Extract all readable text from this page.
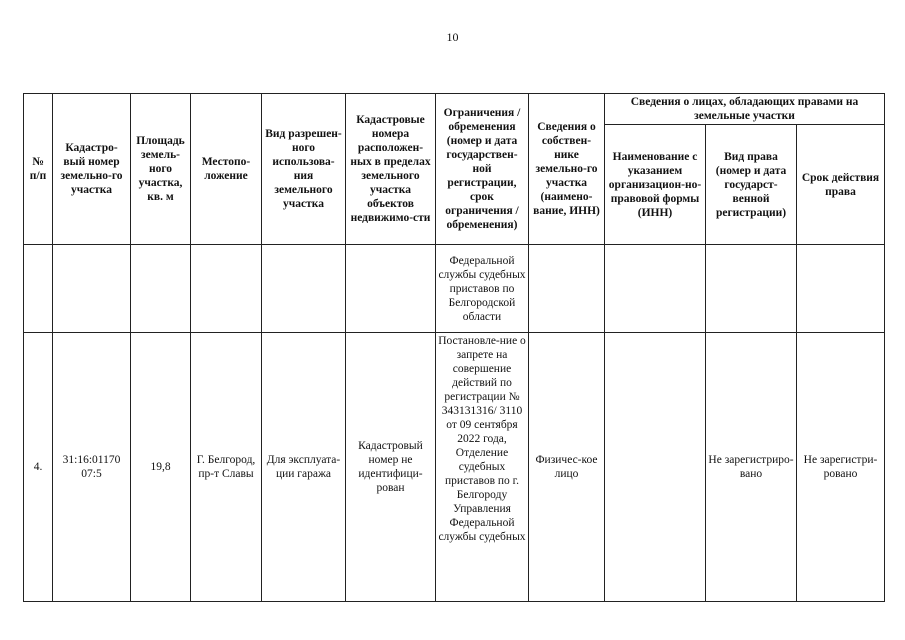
10
№ п/п	Кадастро-вый номер земельно-го участка	Площадь земель-ного участка, кв. м	Местопо-ложение	Вид разрешен-ного использова-ния земельного участка	Кадастровые номера расположен-ных в пределах земельного участка объектов недвижимо-сти	Ограничения / обременения (номер и дата государствен-ной регистрации, срок ограничения / обременения)	Сведения о собствен-нике земельно-го участка (наимено-вание, ИНН)	Сведения о лицах, обладающих правами на земельные участки		
								Наименование с указанием организацион-но-правовой формы (ИНН)	Вид права (номер и дата государст-венной регистрации)	Срок действия права
						Федеральной службы судебных приставов по Белгородской области				
4.	31:16:01170 07:5	19,8	Г. Белгород, пр-т Славы	Для эксплуата-ции гаража	Кадастровый номер не идентифици-рован	Постановле-ние о запрете на совершение действий по регистрации № 343131316/ 3110 от 09 сентября 2022 года, Отделение судебных приставов по г. Белгороду Управления Федеральной службы судебных	Физичес-кое лицо		Не зарегистриро-вано	Не зарегистри-ровано
